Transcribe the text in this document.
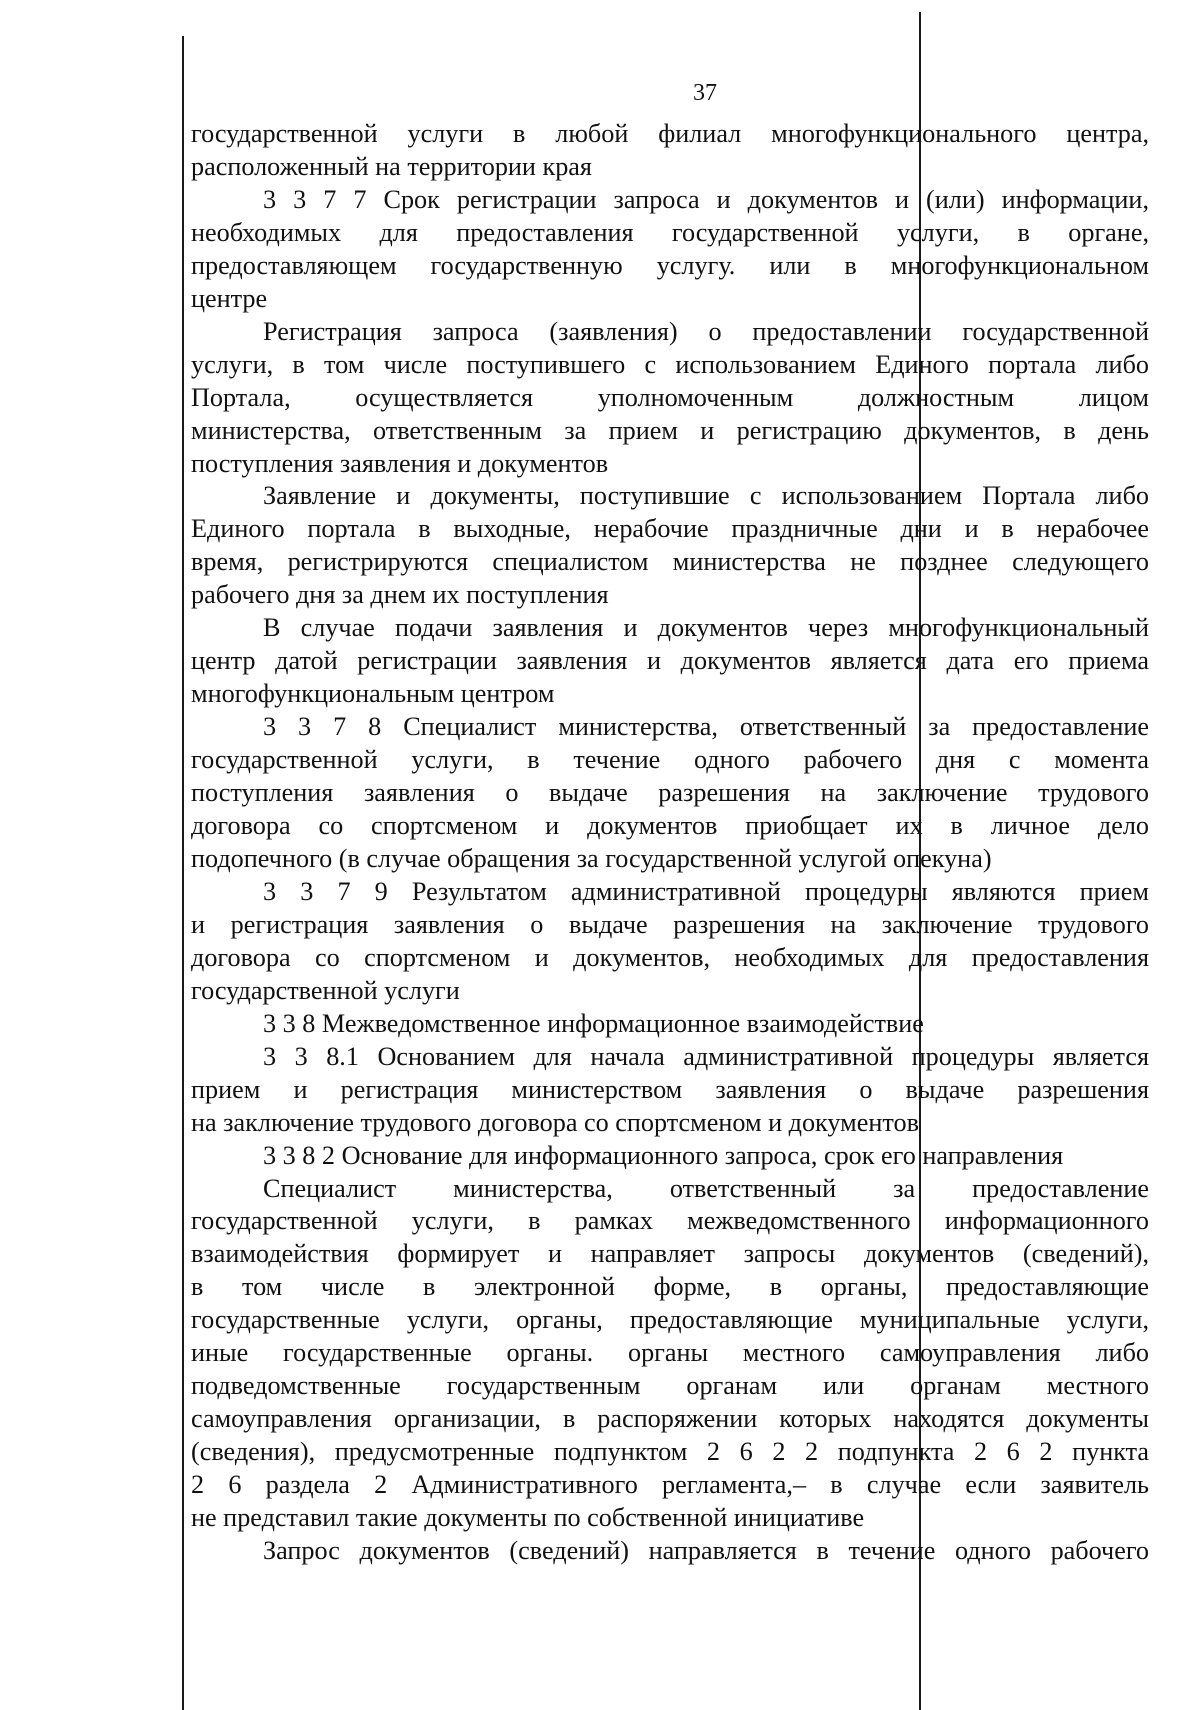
37
государственной услуги в любой филиал многофункционального центра,
расположенный на территории края
3 3 7 7 Срок регистрации запроса и документов и (или) информации,
необходимых для предоставления государственной услуги, в органе,
предоставляющем государственную услугу. или в многофункциональном
центре
Регистрация запроса (заявления) о предоставлении государственной
услуги, в том числе поступившего с использованием Единого портала либо
Портала, осуществляется уполномоченным должностным лицом
министерства, ответственным за прием и регистрацию документов, в день
поступления заявления и документов
Заявление и документы, поступившие с использованием Портала либо
Единого портала в выходные, нерабочие праздничные дни и в нерабочее
время, регистрируются специалистом министерства не позднее следующего
рабочего дня за днем их поступления
В случае подачи заявления и документов через многофункциональный
центр датой регистрации заявления и документов является дата его приема
многофункциональным центром
3 3 7 8 Специалист министерства, ответственный за предоставление
государственной услуги, в течение одного рабочего дня с момента
поступления заявления о выдаче разрешения на заключение трудового
договора со спортсменом и документов приобщает их в личное дело
подопечного (в случае обращения за государственной услугой опекуна)
3 3 7 9 Результатом административной процедуры являются прием
и регистрация заявления о выдаче разрешения на заключение трудового
договора со спортсменом и документов, необходимых для предоставления
государственной услуги
3 3 8 Межведомственное информационное взаимодействие
3 3 8.1 Основанием для начала административной процедуры является
прием и регистрация министерством заявления о выдаче разрешения
на заключение трудового договора со спортсменом и документов
3 3 8 2 Основание для информационного запроса, срок его направления
Специалист министерства, ответственный за предоставление
государственной услуги, в рамках межведомственного информационного
взаимодействия формирует и направляет запросы документов (сведений),
в том числе в электронной форме, в органы, предоставляющие
государственные услуги, органы, предоставляющие муниципальные услуги,
иные государственные органы. органы местного самоуправления либо
подведомственные государственным органам или органам местного
самоуправления организации, в распоряжении которых находятся документы
(сведения), предусмотренные подпунктом 2 6 2 2 подпункта 2 6 2 пункта
2 6 раздела 2 Административного регламента,– в случае если заявитель
не представил такие документы по собственной инициативе
Запрос документов (сведений) направляется в течение одного рабочего
